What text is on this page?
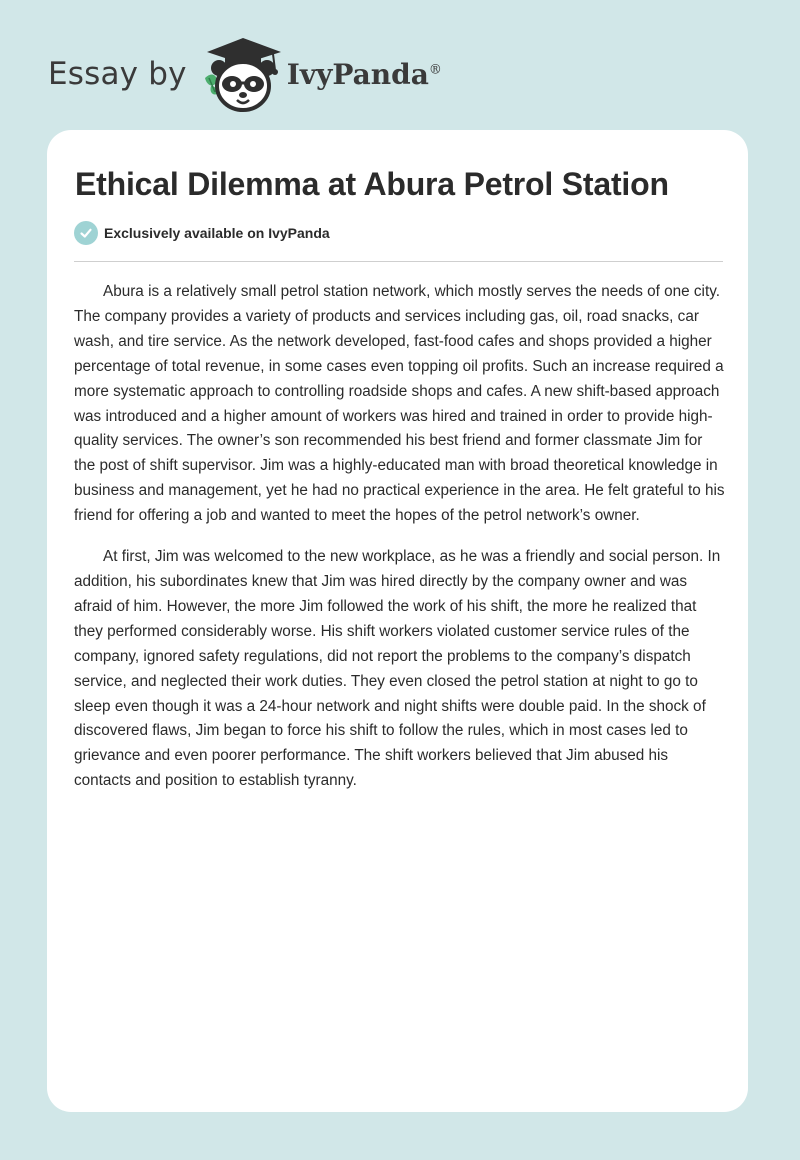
Essay by	IvyPanda®
Ethical Dilemma at Abura Petrol Station
Exclusively available on IvyPanda

Abura is a relatively small petrol station network, which mostly serves the needs of one city. The company provides a variety of products and services including gas, oil, road snacks, car wash, and tire service. As the network developed, fast-food cafes and shops provided a higher percentage of total revenue, in some cases even topping oil profits. Such an increase required a more systematic approach to controlling roadside shops and cafes. A new shift-based approach was introduced and a higher amount of workers was hired and trained in order to provide high-quality services. The owner’s son recommended his best friend and former classmate Jim for the post of shift supervisor. Jim was a highly-educated man with broad theoretical knowledge in business and management, yet he had no practical experience in the area. He felt grateful to his friend for offering a job and wanted to meet the hopes of the petrol network’s owner.

At first, Jim was welcomed to the new workplace, as he was a friendly and social person. In addition, his subordinates knew that Jim was hired directly by the company owner and was afraid of him. However, the more Jim followed the work of his shift, the more he realized that they performed considerably worse. His shift workers violated customer service rules of the company, ignored safety regulations, did not report the problems to the company’s dispatch service, and neglected their work duties. They even closed the petrol station at night to go to sleep even though it was a 24-hour network and night shifts were double paid. In the shock of discovered flaws, Jim began to force his shift to follow the rules, which in most cases led to grievance and even poorer performance. The shift workers believed that Jim abused his contacts and position to establish tyranny.
